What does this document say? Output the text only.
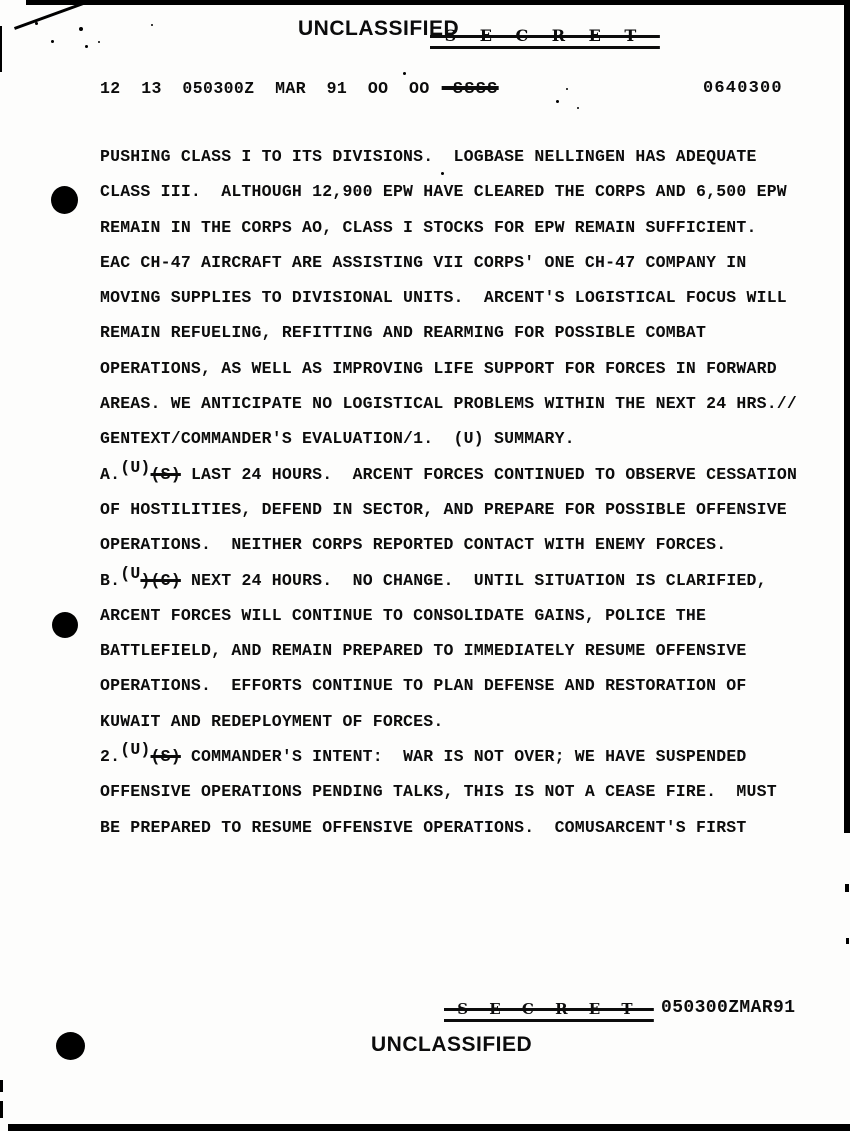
UNCLASSIFIED
S E C R E T
12  13  050300Z  MAR  91  OO  OO SSSS	0640300
PUSHING CLASS I TO ITS DIVISIONS.  LOGBASE NELLINGEN HAS ADEQUATE
CLASS III.  ALTHOUGH 12,900 EPW HAVE CLEARED THE CORPS AND 6,500 EPW
REMAIN IN THE CORPS AO, CLASS I STOCKS FOR EPW REMAIN SUFFICIENT.
EAC CH-47 AIRCRAFT ARE ASSISTING VII CORPS' ONE CH-47 COMPANY IN
MOVING SUPPLIES TO DIVISIONAL UNITS.  ARCENT'S LOGISTICAL FOCUS WILL
REMAIN REFUELING, REFITTING AND REARMING FOR POSSIBLE COMBAT
OPERATIONS, AS WELL AS IMPROVING LIFE SUPPORT FOR FORCES IN FORWARD
AREAS. WE ANTICIPATE NO LOGISTICAL PROBLEMS WITHIN THE NEXT 24 HRS.//
GENTEXT/COMMANDER'S EVALUATION/1.  (U) SUMMARY.
A.(U)(S) LAST 24 HOURS.  ARCENT FORCES CONTINUED TO OBSERVE CESSATION
OF HOSTILITIES, DEFEND IN SECTOR, AND PREPARE FOR POSSIBLE OFFENSIVE
OPERATIONS.  NEITHER CORPS REPORTED CONTACT WITH ENEMY FORCES.
B.(U)(C) NEXT 24 HOURS.  NO CHANGE.  UNTIL SITUATION IS CLARIFIED,
ARCENT FORCES WILL CONTINUE TO CONSOLIDATE GAINS, POLICE THE
BATTLEFIELD, AND REMAIN PREPARED TO IMMEDIATELY RESUME OFFENSIVE
OPERATIONS.  EFFORTS CONTINUE TO PLAN DEFENSE AND RESTORATION OF
KUWAIT AND REDEPLOYMENT OF FORCES.
2.(U)(S) COMMANDER'S INTENT:  WAR IS NOT OVER; WE HAVE SUSPENDED
OFFENSIVE OPERATIONS PENDING TALKS, THIS IS NOT A CEASE FIRE.  MUST
BE PREPARED TO RESUME OFFENSIVE OPERATIONS.  COMUSARCENT'S FIRST
S E C R E T 050300ZMAR91
UNCLASSIFIED
